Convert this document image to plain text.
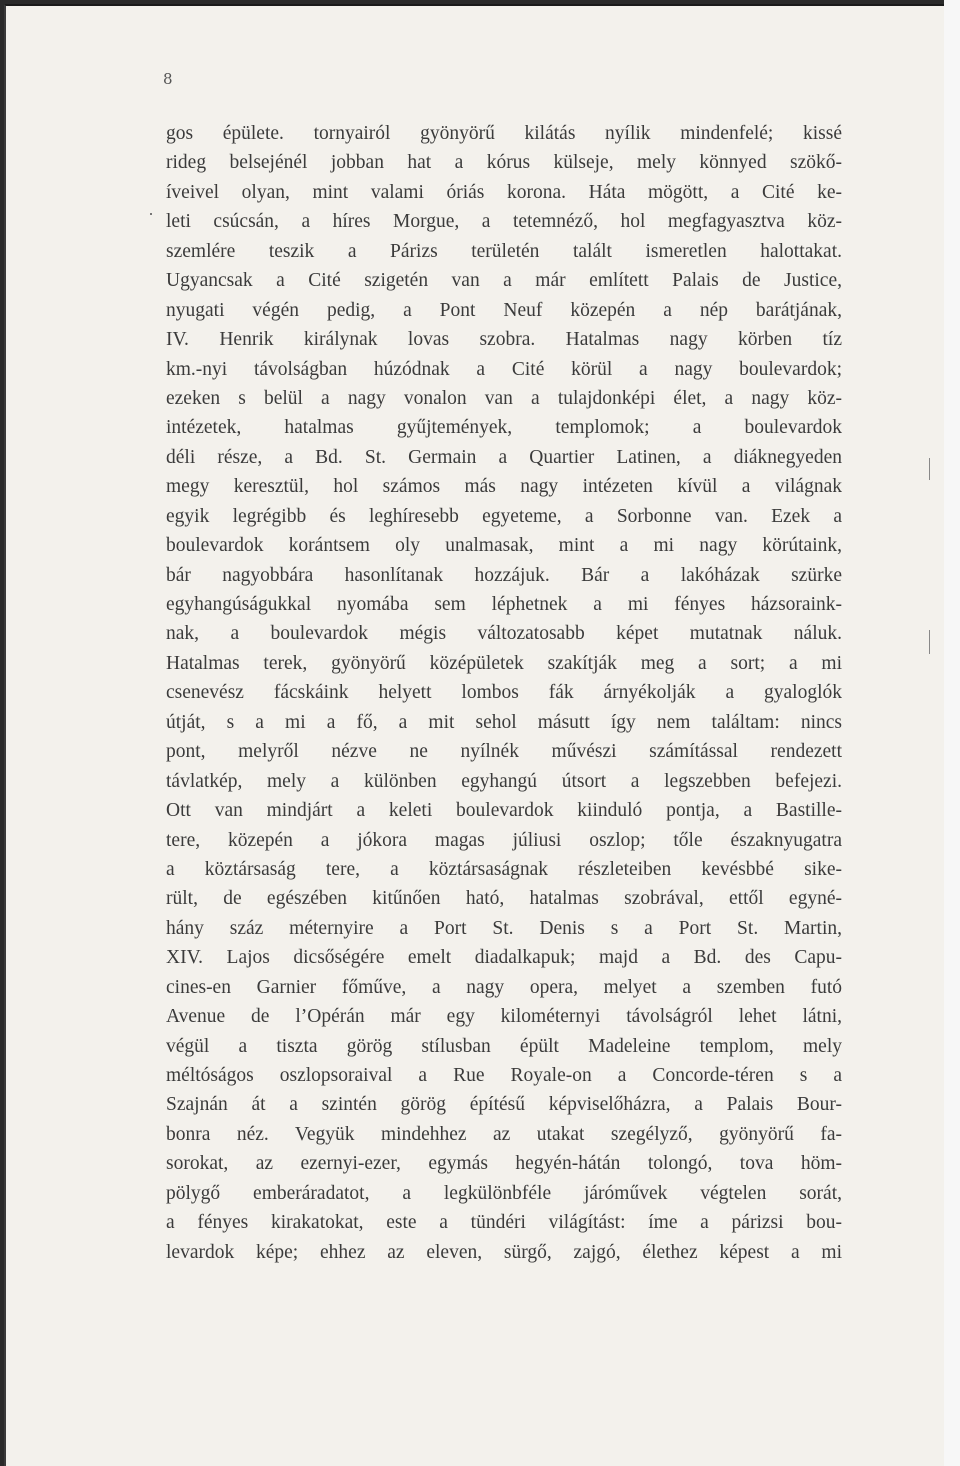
8
gos épülete. tornyairól gyönyörű kilátás nyílik mindenfelé; kissé
rideg belsejénél jobban hat a kórus külseje, mely könnyed szökő-
íveivel olyan, mint valami óriás korona. Háta mögött, a Cité ke-
leti csúcsán, a híres Morgue, a tetemnéző, hol megfagyasztva köz-
szemlére teszik a Párizs területén talált ismeretlen halottakat.
Ugyancsak a Cité szigetén van a már említett Palais de Justice,
nyugati végén pedig, a Pont Neuf közepén a nép barátjának,
IV. Henrik királynak lovas szobra. Hatalmas nagy körben tíz
km.-nyi távolságban húzódnak a Cité körül a nagy boulevardok;
ezeken s belül a nagy vonalon van a tulajdonképi élet, a nagy köz-
intézetek, hatalmas gyűjtemények, templomok; a boulevardok
déli része, a Bd. St. Germain a Quartier Latinen, a diáknegyeden
megy keresztül, hol számos más nagy intézeten kívül a világnak
egyik legrégibb és leghíresebb egyeteme, a Sorbonne van. Ezek a
boulevardok korántsem oly unalmasak, mint a mi nagy körútaink,
bár nagyobbára hasonlítanak hozzájuk. Bár a lakóházak szürke
egyhangúságukkal nyomába sem léphetnek a mi fényes házsoraink-
nak, a boulevardok mégis változatosabb képet mutatnak náluk.
Hatalmas terek, gyönyörű középületek szakítják meg a sort; a mi
csenevész fácskáink helyett lombos fák árnyékolják a gyaloglók
útját, s a mi a fő, a mit sehol másutt így nem találtam: nincs
pont, melyről nézve ne nyílnék művészi számítással rendezett
távlatkép, mely a különben egyhangú útsort a legszebben befejezi.
Ott van mindjárt a keleti boulevardok kiinduló pontja, a Bastille-
tere, közepén a jókora magas júliusi oszlop; tőle északnyugatra
a köztársaság tere, a köztársaságnak részleteiben kevésbbé sike-
rült, de egészében kitűnően ható, hatalmas szobrával, ettől egyné-
hány száz méternyire a Port St. Denis s a Port St. Martin,
XIV. Lajos dicsőségére emelt diadalkapuk; majd a Bd. des Capu-
cines-en Garnier főműve, a nagy opera, melyet a szemben futó
Avenue de l’Opérán már egy kilométernyi távolságról lehet látni,
végül a tiszta görög stílusban épült Madeleine templom, mely
méltóságos oszlopsoraival a Rue Royale-on a Concorde-téren s a
Szajnán át a szintén görög építésű képviselőházra, a Palais Bour-
bonra néz. Vegyük mindehhez az utakat szegélyző, gyönyörű fa-
sorokat, az ezernyi-ezer, egymás hegyén-hátán tolongó, tova höm-
pölygő emberáradatot, a legkülönbféle járóművek végtelen sorát,
a fényes kirakatokat, este a tündéri világítást: íme a párizsi bou-
levardok képe; ehhez az eleven, sürgő, zajgó, élethez képest a mi
